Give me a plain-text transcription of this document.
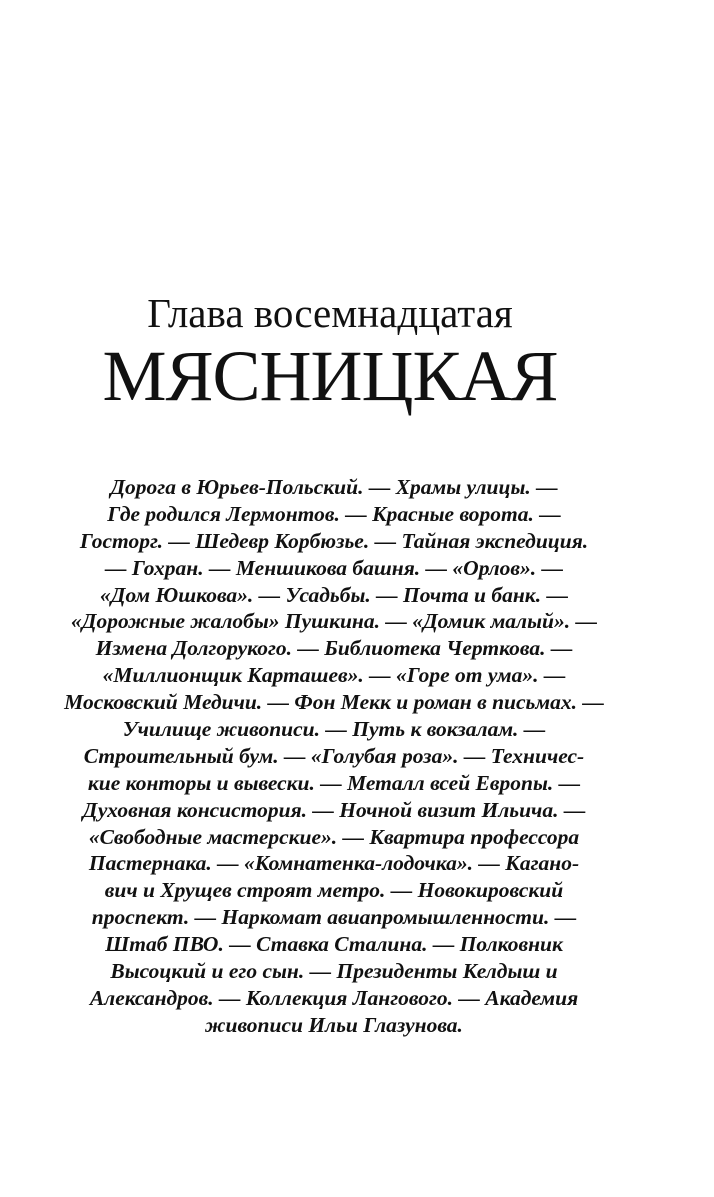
Глава восемнадцатая
МЯСНИЦКАЯ
Дорога в Юрьев-Польский. — Храмы улицы. —
Где родился Лермонтов. — Красные ворота. —
Госторг. — Шедевр Корбюзье. — Тайная экспедиция.
— Гохран. — Меншикова башня. — «Орлов». —
«Дом Юшкова». — Усадьбы. — Почта и банк. —
«Дорожные жалобы» Пушкина. — «Домик малый». —
Измена Долгорукого. — Библиотека Черткова. —
«Миллионщик Карташев». — «Горе от ума». —
Московский Медичи. — Фон Мекк и роман в письмах. —
Училище живописи. — Путь к вокзалам. —
Строительный бум. — «Голубая роза». — Техничес-
кие конторы и вывески. — Металл всей Европы. —
Духовная консистория. — Ночной визит Ильича. —
«Свободные мастерские». — Квартира профессора
Пастернака. — «Комнатенка-лодочка». — Кагано-
вич и Хрущев строят метро. — Новокировский
проспект. — Наркомат авиапромышленности. —
Штаб ПВО. — Ставка Сталина. — Полковник
Высоцкий и его сын. — Президенты Келдыш и
Александров. — Коллекция Лангового. — Академия
живописи Ильи Глазунова.
